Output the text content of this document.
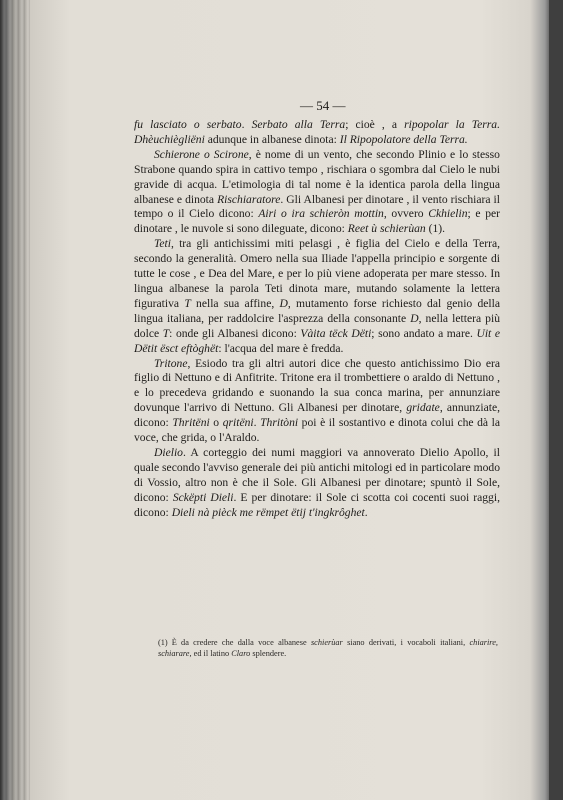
— 54 —

fu lasciato o serbato. Serbato alla Terra; cioè , a ripopolar la Terra. Dhèuchiègliëni adunque in albanese dinota: Il Ripopolatore della Terra.

Schierone o Scirone, è nome di un vento, che secondo Plinio e lo stesso Strabone quando spira in cattivo tempo , rischiara o sgombra dal Cielo le nubi gravide di acqua. L'etimologia di tal nome è la identica parola della lingua albanese e dinota Rischiaratore. Gli Albanesi per dinotare , il vento rischiara il tempo o il Cielo dicono: Airi o ira schieròn mottin, ovvero Ckhielin; e per dinotare , le nuvole si sono dileguate, dicono: Reet ù schierùan (1).

Teti, tra gli antichissimi miti pelasgi , è figlia del Cielo e della Terra, secondo la generalità. Omero nella sua Iliade l'appella principio e sorgente di tutte le cose , e Dea del Mare, e per lo più viene adoperata per mare stesso. In lingua albanese la parola Teti dinota mare, mutando solamente la lettera figurativa T nella sua affine, D, mutamento forse richiesto dal genio della lingua italiana, per raddolcire l'asprezza della consonante D, nella lettera più dolce T: onde gli Albanesi dicono: Vàita tëck Dëti; sono andato a mare. Uit e Dëtit ësct eftòghët: l'acqua del mare è fredda.

Tritone, Esiodo tra gli altri autori dice che questo antichissimo Dio era figlio di Nettuno e di Anfitrite. Tritone era il trombettiere o araldo di Nettuno , e lo precedeva gridando e suonando la sua conca marina, per annunziare dovunque l'arrivo di Nettuno. Gli Albanesi per dinotare, gridate, annunziate, dicono: Thritëni o qritëni. Thritòni poi è il sostantivo e dinota colui che dà la voce, che grida, o l'Araldo.

Dielio. A corteggio dei numi maggiori va annoverato Dielio Apollo, il quale secondo l'avviso generale dei più antichi mitologi ed in particolare modo di Vossio, altro non è che il Sole. Gli Albanesi per dinotare; spuntò il Sole, dicono: Sckëpti Dieli. E per dinotare: il Sole ci scotta coi cocenti suoi raggi, dicono: Dieli nà pièck me rëmpet ëtij t'ingkrôghet.

(1) È da credere che dalla voce albanese schierùar siano derivati, i vocaboli italiani, chiarire, schiarare, ed il latino Claro splendere.
